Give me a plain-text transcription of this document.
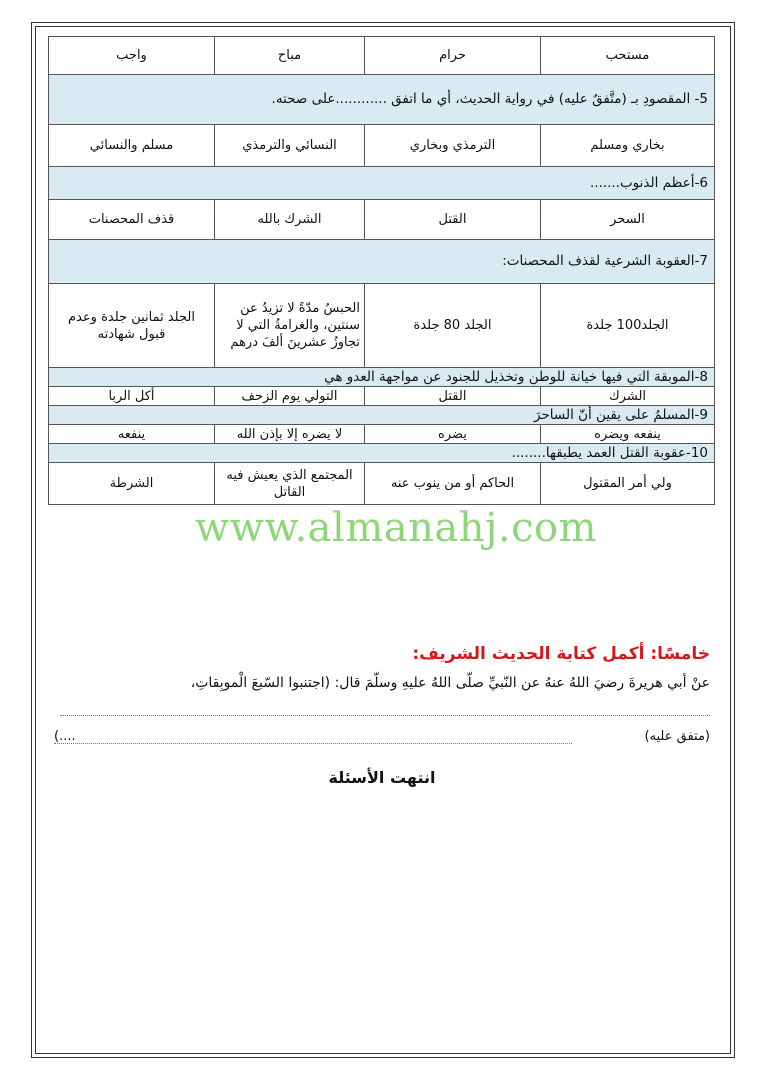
مستحب	حرام	مباح	واجب
5- المقصودِ بـ (متَّفقٌ عليه) في رواية الحديث، أي ما اتفق ............على صحته.			
بخاري ومسلم	الترمذي وبخاري	النسائي والترمذي	مسلم والنسائي
6-أعظم الذنوب.......			
السحر	القتل	الشرك بالله	قذف المحصنات
7-العقوبة الشرعية لقذف المحصنات:			
الجلد100 جلدة	الجلد 80 جلدة	الحبسُ مدّةً لا تزيدُ عن سنتين، والغرامةُ التي لا تجاوزُ عشرينَ ألفَ درهم	الجلد ثمانين جلدة وعدم قبول شهادته
8-الموبقة التي فيها خيانة للوطن وتخذيل للجنود عن مواجهة العدو هي			
الشرك	القتل	التولي يوم الزحف	أكل الربا
9-المسلمُ على يقين أنّ الساحرَ			
ينفعه ويضره	يضره	لا يضره إلا بإذن الله	ينفعه
10-عقوبة القتل العمد يطبقها........			
ولي أمر المقتول	الحاكم أو من ينوب عنه	المجتمع الذي يعيش فيه القاتل	الشرطة
www.almanahj.com
خامسًا: أكمل كتابة الحديث الشريف:
عنْ أبي هريرةَ رضيَ اللهُ عنهُ عن النّبيِّ صلّى اللهُ عليهِ وسلّمَ قال: (اجتنبوا السّبعَ الْموبِقاتِ،
(متفق عليه)
....)
انتهت الأسئلة
